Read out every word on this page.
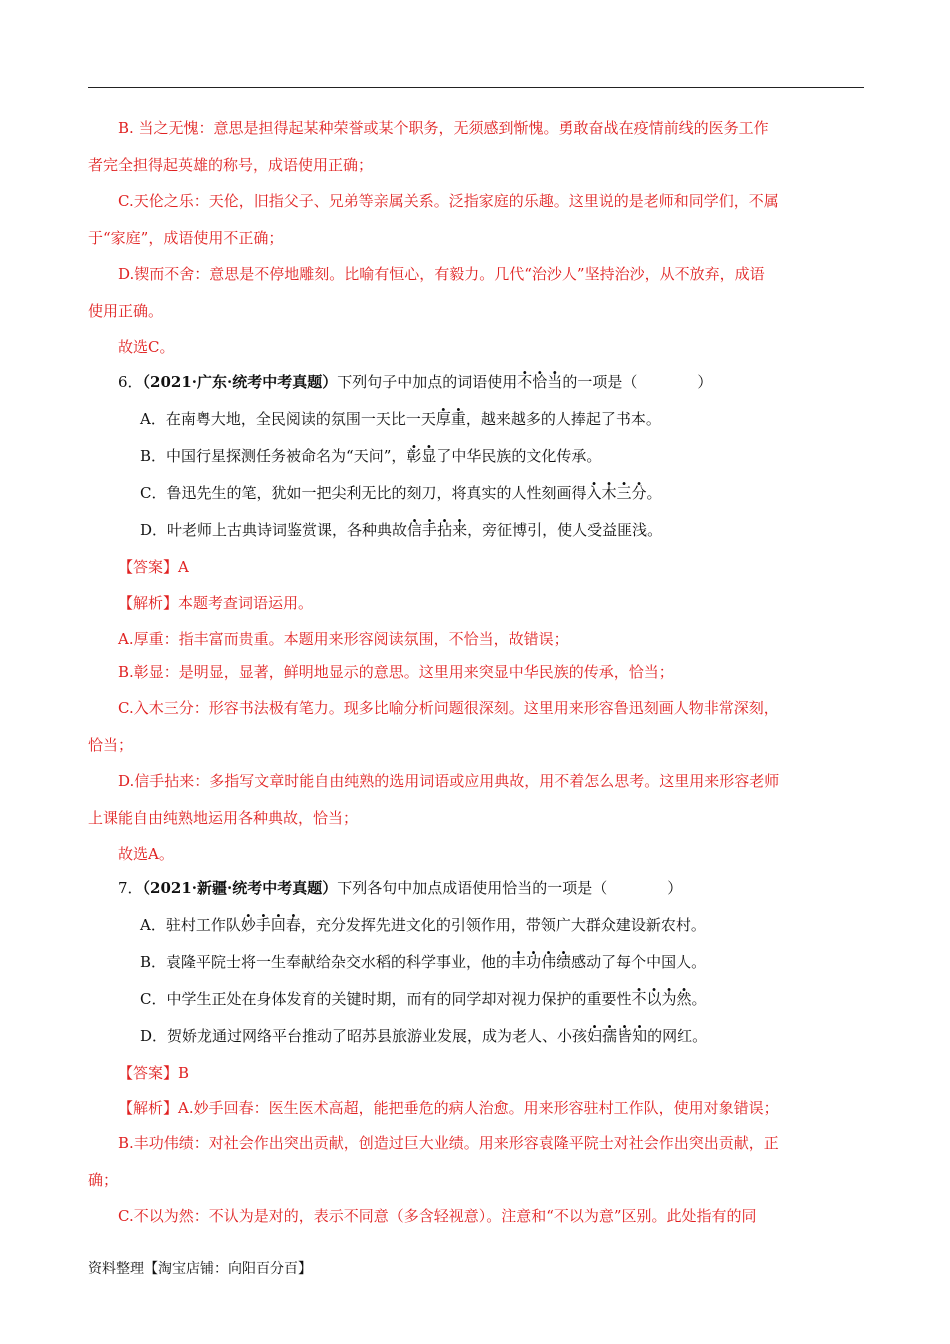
B. 当之无愧：意思是担得起某种荣誉或某个职务，无须感到惭愧。勇敢奋战在疫情前线的医务工作
者完全担得起英雄的称号，成语使用正确；
C.天伦之乐：天伦，旧指父子、兄弟等亲属关系。泛指家庭的乐趣。这里说的是老师和同学们，不属
于“家庭”，成语使用不正确；
D.锲而不舍：意思是不停地雕刻。比喻有恒心，有毅力。几代“治沙人”坚持治沙，从不放弃，成语
使用正确。
故选C。
6．（2021·广东·统考中考真题）下列句子中加点的词语使用不恰当的一项是（　　　　）
A．在南粤大地，全民阅读的氛围一天比一天厚重，越来越多的人捧起了书本。
B．中国行星探测任务被命名为“天问”，彰显了中华民族的文化传承。
C．鲁迅先生的笔，犹如一把尖利无比的刻刀，将真实的人性刻画得入木三分。
D．叶老师上古典诗词鉴赏课，各种典故信手拈来，旁征博引，使人受益匪浅。
【答案】A
【解析】本题考查词语运用。
A.厚重：指丰富而贵重。本题用来形容阅读氛围，不恰当，故错误；
B.彰显：是明显，显著，鲜明地显示的意思。这里用来突显中华民族的传承，恰当；
C.入木三分：形容书法极有笔力。现多比喻分析问题很深刻。这里用来形容鲁迅刻画人物非常深刻，
恰当；
D.信手拈来：多指写文章时能自由纯熟的选用词语或应用典故，用不着怎么思考。这里用来形容老师
上课能自由纯熟地运用各种典故，恰当；
故选A。
7．（2021·新疆·统考中考真题）下列各句中加点成语使用恰当的一项是（　　　　）
A．驻村工作队妙手回春，充分发挥先进文化的引领作用，带领广大群众建设新农村。
B．袁隆平院士将一生奉献给杂交水稻的科学事业，他的丰功伟绩感动了每个中国人。
C．中学生正处在身体发育的关键时期，而有的同学却对视力保护的重要性不以为然。
D．贺娇龙通过网络平台推动了昭苏县旅游业发展，成为老人、小孩妇孺皆知的网红。
【答案】B
【解析】A.妙手回春：医生医术高超，能把垂危的病人治愈。用来形容驻村工作队，使用对象错误；
B.丰功伟绩：对社会作出突出贡献，创造过巨大业绩。用来形容袁隆平院士对社会作出突出贡献，正
确；
C.不以为然：不认为是对的，表示不同意（多含轻视意）。注意和“不以为意”区别。此处指有的同
资料整理【淘宝店铺：向阳百分百】
